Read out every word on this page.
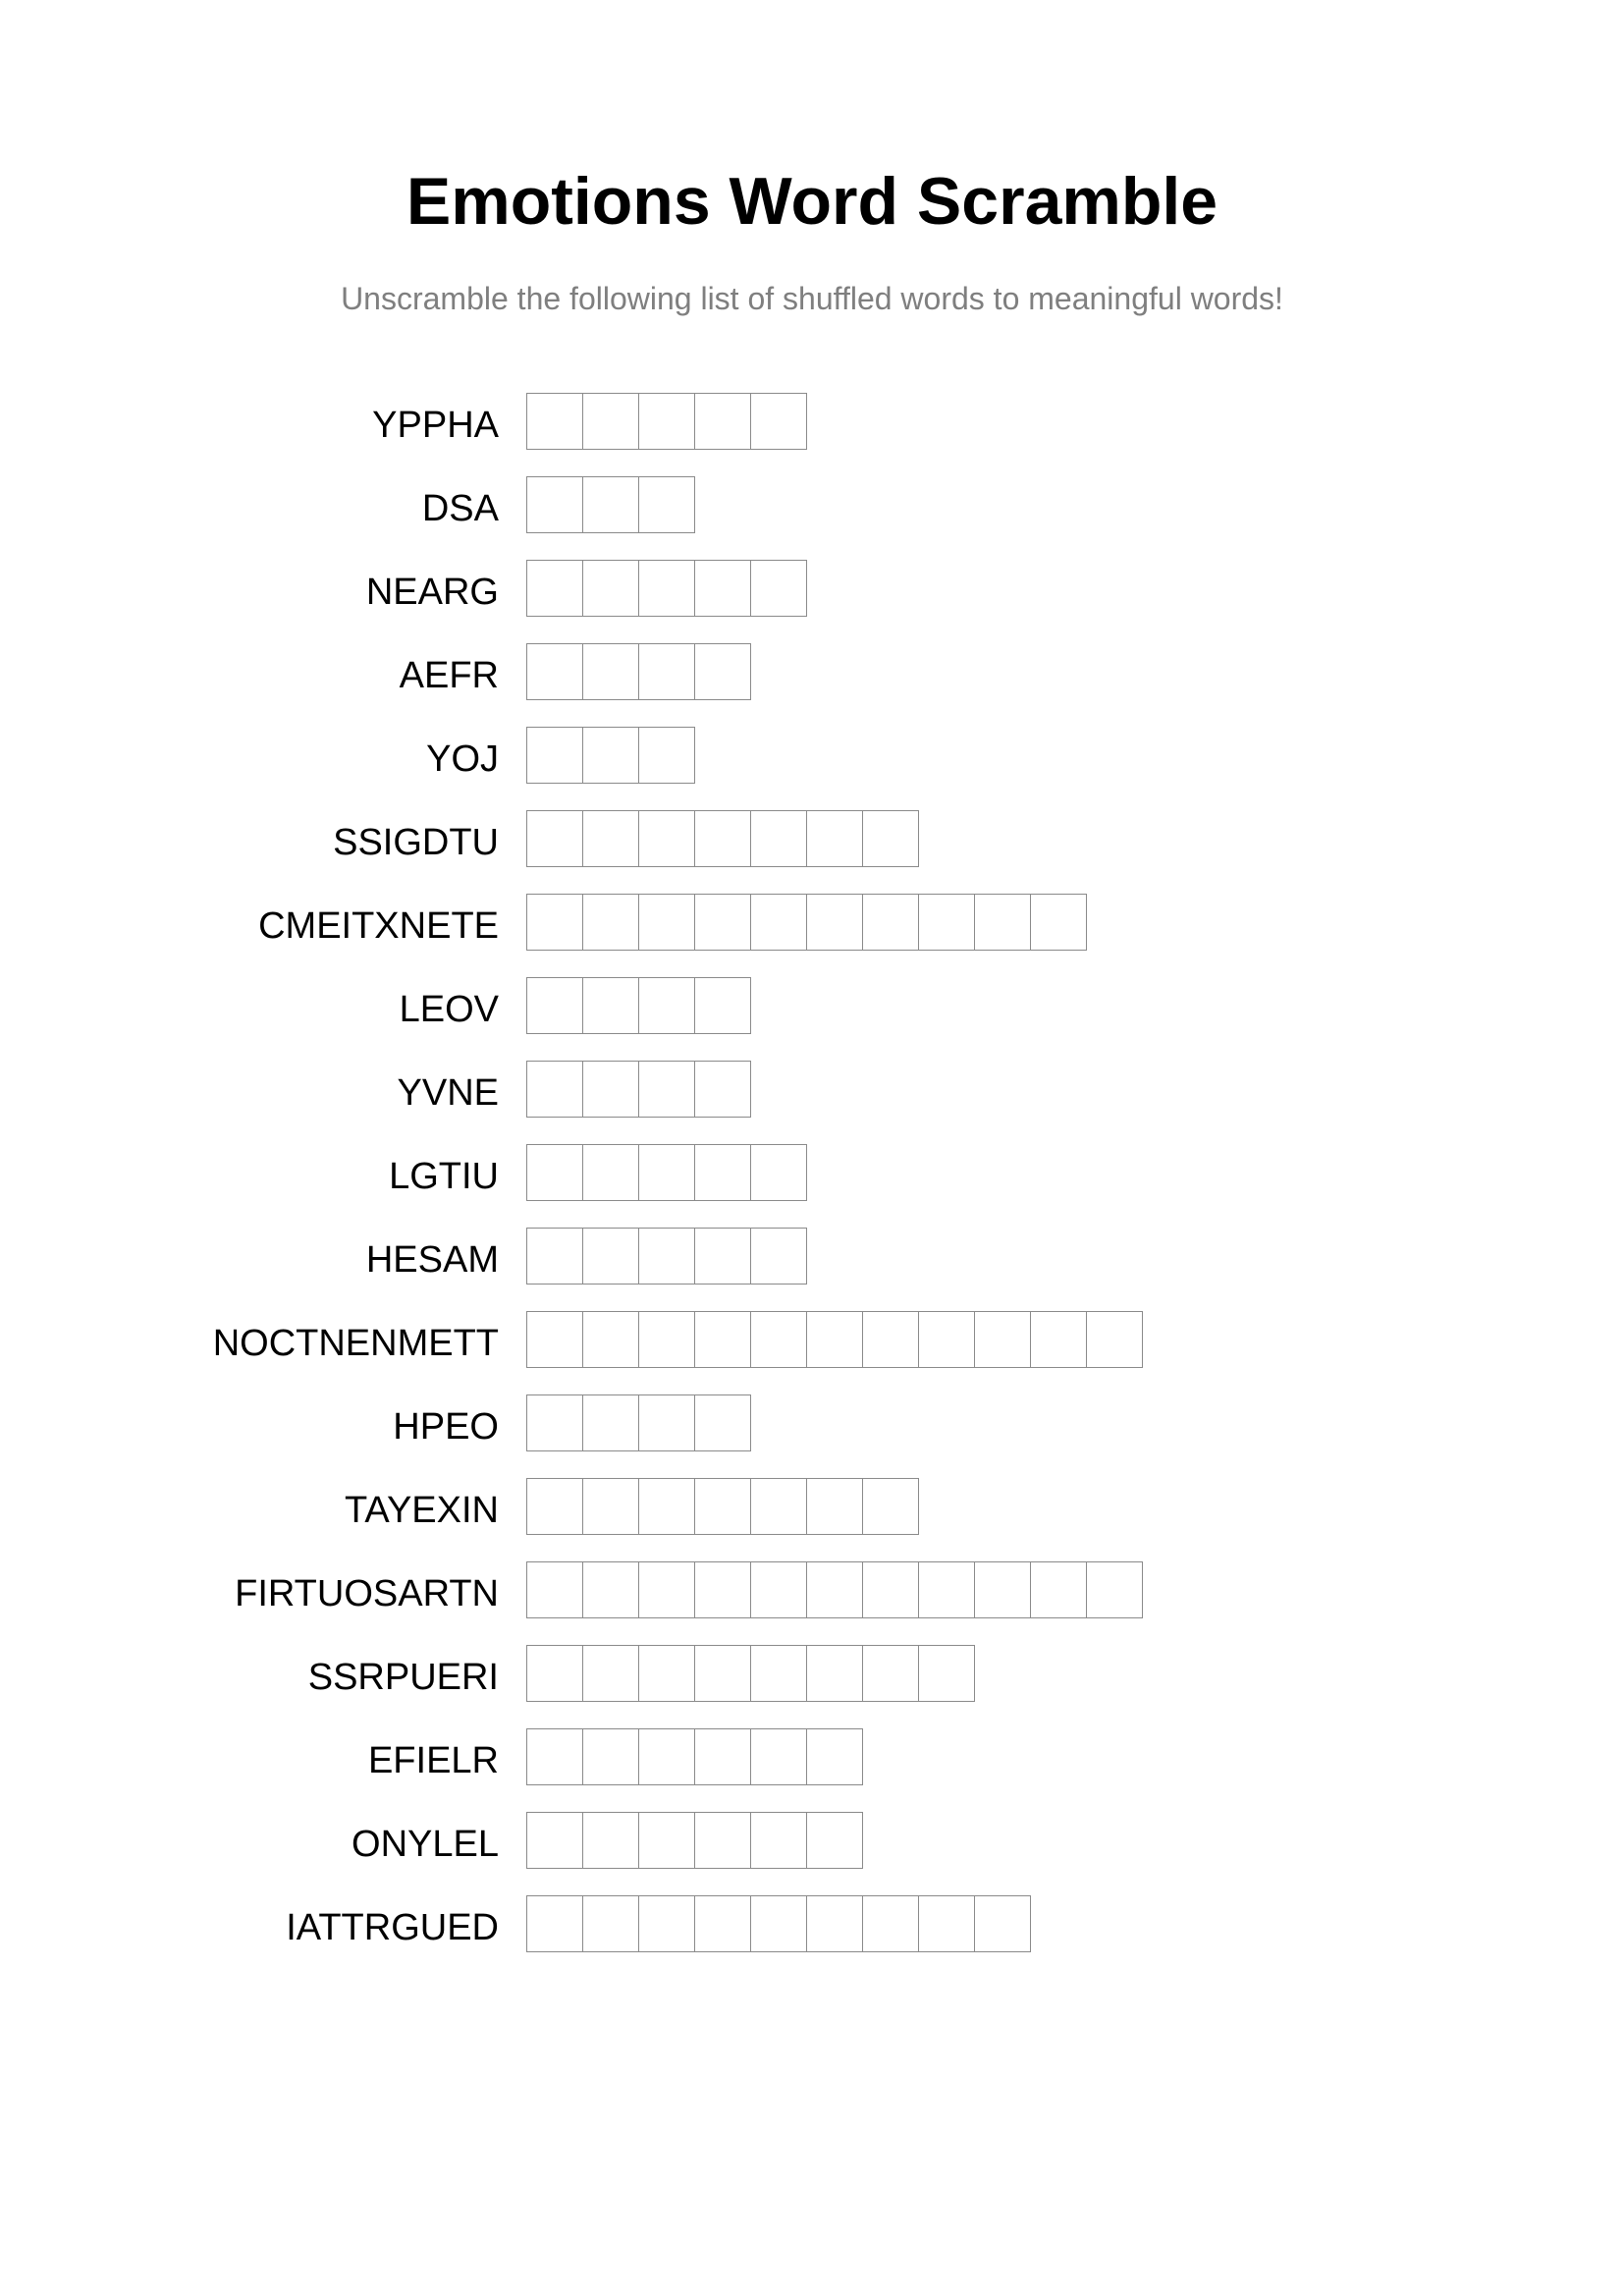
Emotions Word Scramble
Unscramble the following list of shuffled words to meaningful words!
YPPHA
DSA
NEARG
AEFR
YOJ
SSIGDTU
CMEITXNETE
LEOV
YVNE
LGTIU
HESAM
NOCTNENMETT
HPEO
TAYEXIN
FIRTUOSARTN
SSRPUERI
EFIELR
ONYLEL
IATTRGUED
